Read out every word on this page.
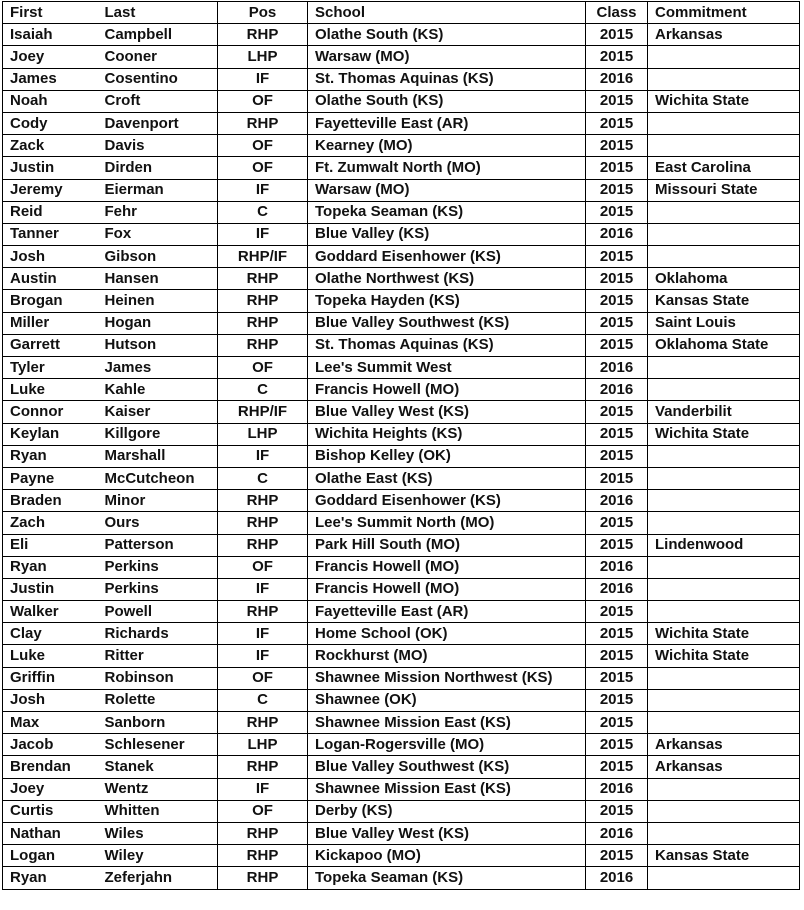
First	Last	Pos	School	Class	Commitment
Isaiah	Campbell	RHP	Olathe South (KS)	2015	Arkansas
Joey	Cooner	LHP	Warsaw (MO)	2015	
James	Cosentino	IF	St. Thomas Aquinas (KS)	2016	
Noah	Croft	OF	Olathe South (KS)	2015	Wichita State
Cody	Davenport	RHP	Fayetteville East (AR)	2015	
Zack	Davis	OF	Kearney (MO)	2015	
Justin	Dirden	OF	Ft. Zumwalt North (MO)	2015	East Carolina
Jeremy	Eierman	IF	Warsaw (MO)	2015	Missouri State
Reid	Fehr	C	Topeka Seaman (KS)	2015	
Tanner	Fox	IF	Blue Valley (KS)	2016	
Josh	Gibson	RHP/IF	Goddard Eisenhower (KS)	2015	
Austin	Hansen	RHP	Olathe Northwest (KS)	2015	Oklahoma
Brogan	Heinen	RHP	Topeka Hayden (KS)	2015	Kansas State
Miller	Hogan	RHP	Blue Valley Southwest (KS)	2015	Saint Louis
Garrett	Hutson	RHP	St. Thomas Aquinas (KS)	2015	Oklahoma State
Tyler	James	OF	Lee's Summit West	2016	
Luke	Kahle	C	Francis Howell (MO)	2016	
Connor	Kaiser	RHP/IF	Blue Valley West (KS)	2015	Vanderbilit
Keylan	Killgore	LHP	Wichita Heights (KS)	2015	Wichita State
Ryan	Marshall	IF	Bishop Kelley (OK)	2015	
Payne	McCutcheon	C	Olathe East (KS)	2015	
Braden	Minor	RHP	Goddard Eisenhower (KS)	2016	
Zach	Ours	RHP	Lee's Summit North (MO)	2015	
Eli	Patterson	RHP	Park Hill South (MO)	2015	Lindenwood
Ryan	Perkins	OF	Francis Howell (MO)	2016	
Justin	Perkins	IF	Francis Howell (MO)	2016	
Walker	Powell	RHP	Fayetteville East (AR)	2015	
Clay	Richards	IF	Home School (OK)	2015	Wichita State
Luke	Ritter	IF	Rockhurst (MO)	2015	Wichita State
Griffin	Robinson	OF	Shawnee Mission Northwest (KS)	2015	
Josh	Rolette	C	Shawnee (OK)	2015	
Max	Sanborn	RHP	Shawnee Mission East (KS)	2015	
Jacob	Schlesener	LHP	Logan-Rogersville (MO)	2015	Arkansas
Brendan	Stanek	RHP	Blue Valley Southwest (KS)	2015	Arkansas
Joey	Wentz	IF	Shawnee Mission East (KS)	2016	
Curtis	Whitten	OF	Derby (KS)	2015	
Nathan	Wiles	RHP	Blue Valley West (KS)	2016	
Logan	Wiley	RHP	Kickapoo (MO)	2015	Kansas State
Ryan	Zeferjahn	RHP	Topeka Seaman (KS)	2016	
